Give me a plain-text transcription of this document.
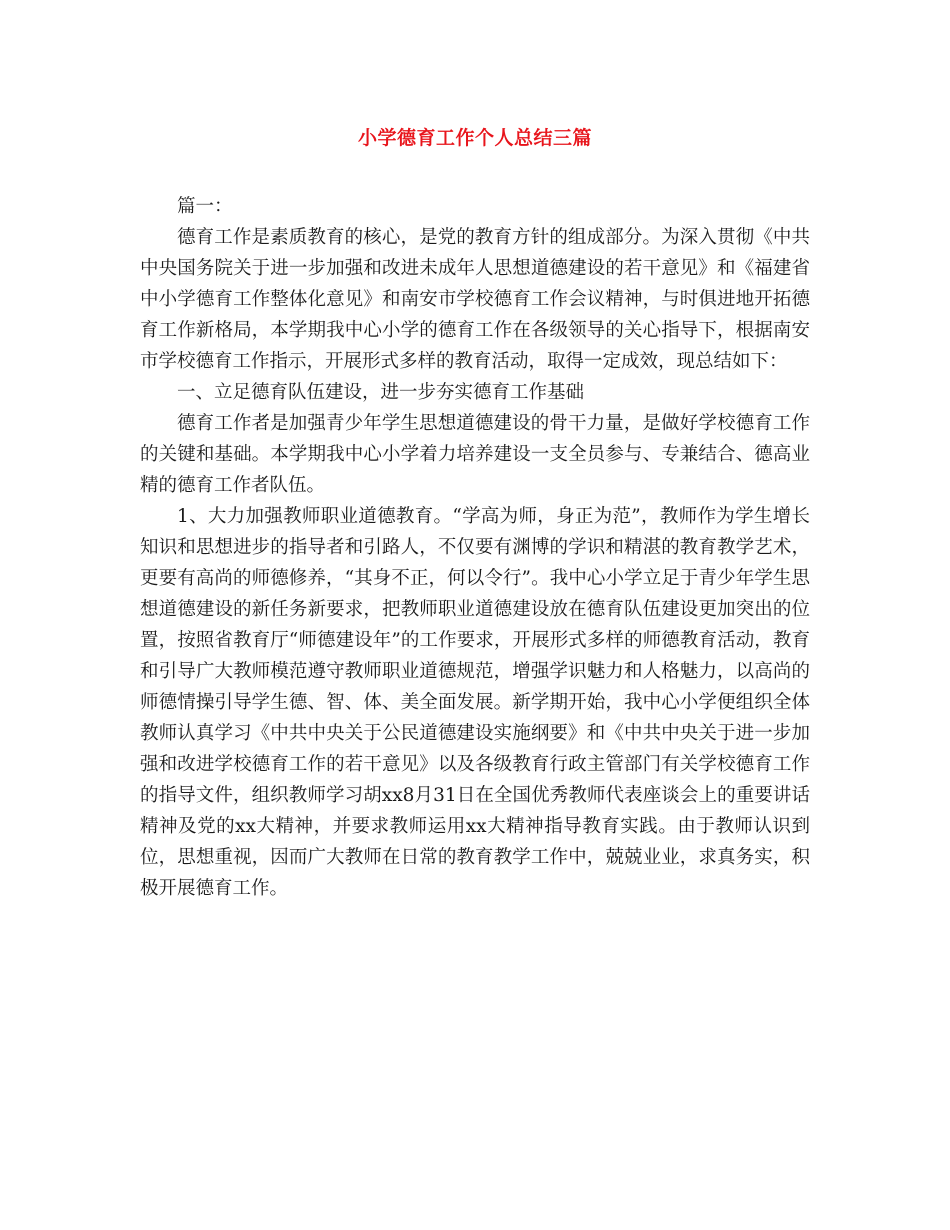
小学德育工作个人总结三篇

篇一：

德育工作是素质教育的核心，是党的教育方针的组成部分。为深入贯彻《中共中央国务院关于进一步加强和改进未成年人思想道德建设的若干意见》和《福建省中小学德育工作整体化意见》和南安市学校德育工作会议精神，与时俱进地开拓德育工作新格局，本学期我中心小学的德育工作在各级领导的关心指导下，根据南安市学校德育工作指示，开展形式多样的教育活动，取得一定成效，现总结如下：

一、立足德育队伍建设，进一步夯实德育工作基础

德育工作者是加强青少年学生思想道德建设的骨干力量，是做好学校德育工作的关键和基础。本学期我中心小学着力培养建设一支全员参与、专兼结合、德高业精的德育工作者队伍。

1、大力加强教师职业道德教育。“学高为师，身正为范”，教师作为学生增长知识和思想进步的指导者和引路人，不仅要有渊博的学识和精湛的教育教学艺术，更要有高尚的师德修养，“其身不正，何以令行”。我中心小学立足于青少年学生思想道德建设的新任务新要求，把教师职业道德建设放在德育队伍建设更加突出的位置，按照省教育厅“师德建设年”的工作要求，开展形式多样的师德教育活动，教育和引导广大教师模范遵守教师职业道德规范，增强学识魅力和人格魅力，以高尚的师德情操引导学生德、智、体、美全面发展。新学期开始，我中心小学便组织全体教师认真学习《中共中央关于公民道德建设实施纲要》和《中共中央关于进一步加强和改进学校德育工作的若干意见》以及各级教育行政主管部门有关学校德育工作的指导文件，组织教师学习胡xx8月31日在全国优秀教师代表座谈会上的重要讲话精神及党的xx大精神，并要求教师运用xx大精神指导教育实践。由于教师认识到位，思想重视，因而广大教师在日常的教育教学工作中，兢兢业业，求真务实，积极开展德育工作。
